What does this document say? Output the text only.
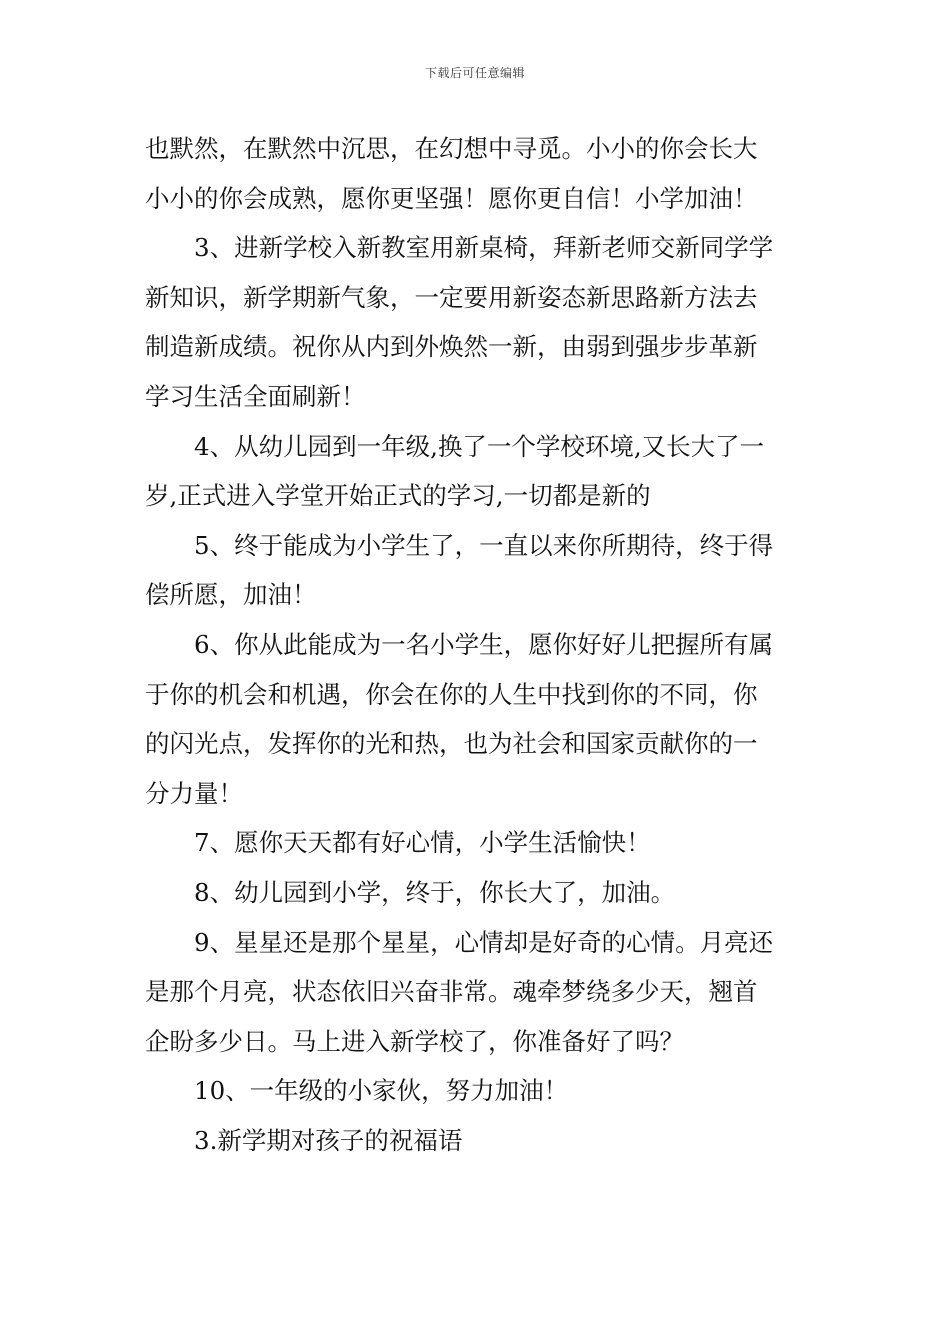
下载后可任意编辑
也默然，在默然中沉思，在幻想中寻觅。小小的你会长大
小小的你会成熟，愿你更坚强！愿你更自信！小学加油！
3、进新学校入新教室用新桌椅，拜新老师交新同学学
新知识，新学期新气象，一定要用新姿态新思路新方法去
制造新成绩。祝你从内到外焕然一新，由弱到强步步革新
学习生活全面刷新！
4、从幼儿园到一年级,换了一个学校环境,又长大了一
岁,正式进入学堂开始正式的学习,一切都是新的
5、终于能成为小学生了，一直以来你所期待，终于得
偿所愿，加油！
6、你从此能成为一名小学生，愿你好好儿把握所有属
于你的机会和机遇，你会在你的人生中找到你的不同，你
的闪光点，发挥你的光和热，也为社会和国家贡献你的一
分力量！
7、愿你天天都有好心情，小学生活愉快！
8、幼儿园到小学，终于，你长大了，加油。
9、星星还是那个星星，心情却是好奇的心情。月亮还
是那个月亮，状态依旧兴奋非常。魂牵梦绕多少天，翘首
企盼多少日。马上进入新学校了，你准备好了吗？
10、一年级的小家伙，努力加油！
3.新学期对孩子的祝福语
